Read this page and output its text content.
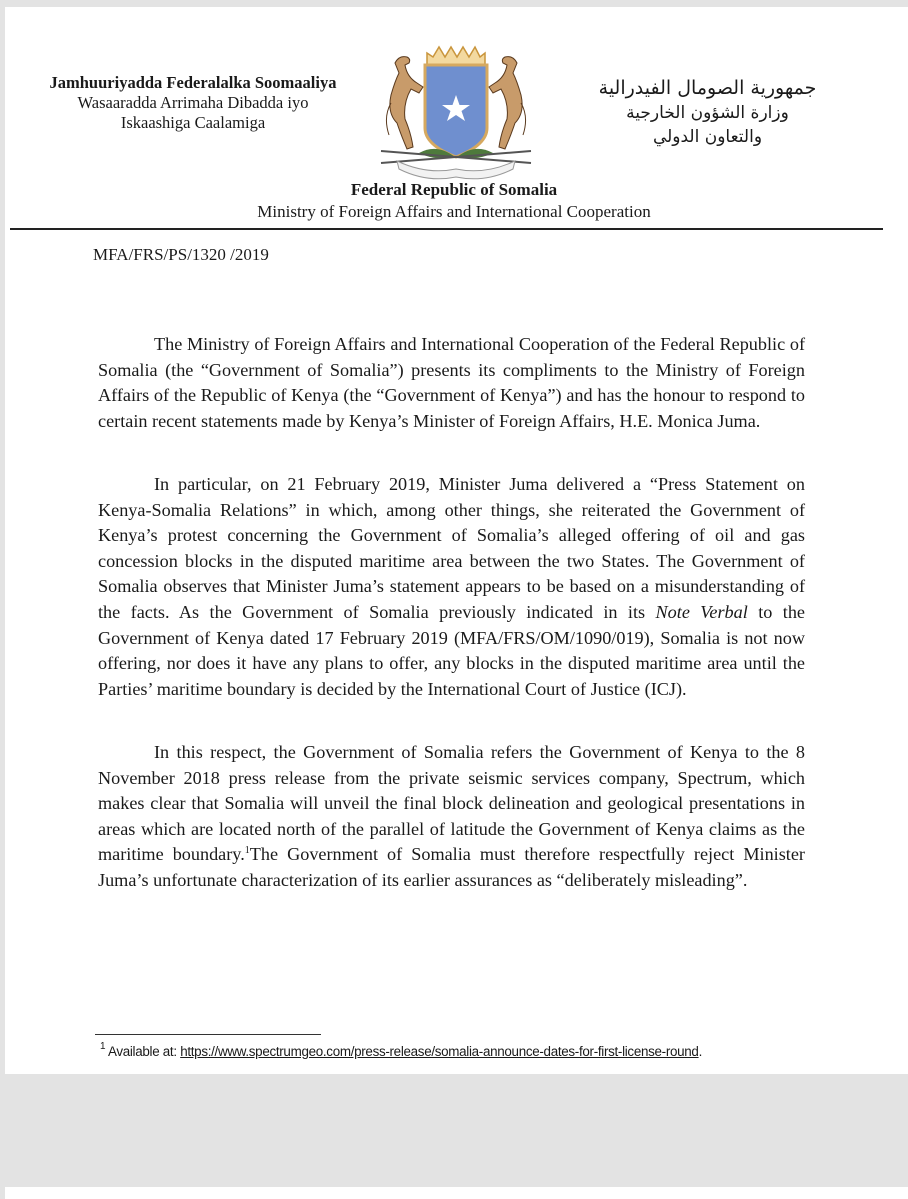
Jamhuuriyadda Federalalka Soomaaliya
Wasaaradda Arrimaha Dibadda iyo
Iskaashiga Caalamiga
جمهورية الصومال الفيدرالية
وزارة الشؤون الخارجية
والتعاون الدولي
Federal Republic of Somalia
Ministry of Foreign Affairs and International Cooperation
MFA/FRS/PS/1320 /2019

The Ministry of Foreign Affairs and International Cooperation of the Federal Republic of Somalia (the “Government of Somalia”) presents its compliments to the Ministry of Foreign Affairs of the Republic of Kenya (the “Government of Kenya”) and has the honour to respond to certain recent statements made by Kenya’s Minister of Foreign Affairs, H.E. Monica Juma.

In particular, on 21 February 2019, Minister Juma delivered a “Press Statement on Kenya-Somalia Relations” in which, among other things, she reiterated the Government of Kenya’s protest concerning the Government of Somalia’s alleged offering of oil and gas concession blocks in the disputed maritime area between the two States. The Government of Somalia observes that Minister Juma’s statement appears to be based on a misunderstanding of the facts. As the Government of Somalia previously indicated in its Note Verbal to the Government of Kenya dated 17 February 2019 (MFA/FRS/OM/1090/019), Somalia is not now offering, nor does it have any plans to offer, any blocks in the disputed maritime area until the Parties’ maritime boundary is decided by the International Court of Justice (ICJ).

In this respect, the Government of Somalia refers the Government of Kenya to the 8 November 2018 press release from the private seismic services company, Spectrum, which makes clear that Somalia will unveil the final block delineation and geological presentations in areas which are located north of the parallel of latitude the Government of Kenya claims as the maritime boundary.$^1$The Government of Somalia must therefore respectfully reject Minister Juma’s unfortunate characterization of its earlier assurances as “deliberately misleading”.

$^1$ Available at: https://www.spectrumgeo.com/press-release/somalia-announce-dates-for-first-license-round.
